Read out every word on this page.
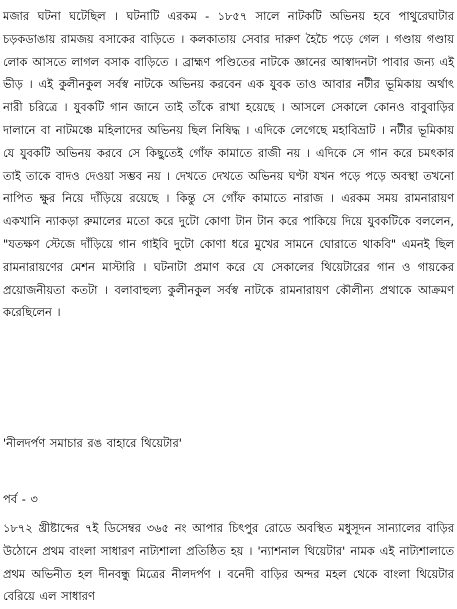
মজার ঘটনা ঘটেছিল । ঘটনাটি এরকম - ১৮৫৭ সালে নাটকটি অভিনয় হবে পাথুরেঘাটার চড়কডাঙায় রামজয় বসাকের বাড়িতে । কলকাতায় সেবার দারুণ হৈচৈ পড়ে গেল । গণ্ডায় গণ্ডায় লোক আসতে লাগল বসাক বাড়িতে । ব্রাহ্মণ পণ্ডিতের নাটকে জ্ঞানের আস্বাদনটা পাবার জন্য এই ভীড় । এই কুলীনকুল সর্বস্ব নাটকে অভিনয় করবেন এক যুবক তাও আবার নটীর ভূমিকায় অর্থাৎ নারী চরিত্রে । যুবকটি গান জানে তাই তাঁকে রাখা হয়েছে । আসলে সেকালে কোনও বাবুবাড়ির দালানে বা নাটমঞ্চে মহিলাদের অভিনয় ছিল নিষিদ্ধ । এদিকে লেগেছে মহাবিভ্রাট । নটীর ভূমিকায় যে যুবকটি অভিনয় করবে সে কিছুতেই গোঁফ কামাতে রাজী নয় । এদিকে সে গান করে চমৎকার তাই তাকে বাদও দেওয়া সম্ভব নয় । দেখতে দেখতে অভিনয় ঘণ্টা যখন পড়ে পড়ে অবস্থা তখনো নাপিত ক্ষুর নিয়ে দাঁড়িয়ে রয়েছে । কিন্তু সে গোঁফ কামাতে নারাজ । এরকম সময় রামনারায়ণ একখানি ন্যাকড়া রুমালের মতো করে দুটো কোণা টান টান করে পাকিয়ে দিয়ে যুবকটিকে বললেন, "যতক্ষণ স্টেজে দাঁড়িয়ে গান গাইবি দুটো কোণা ধরে মুখের সামনে ঘোরাতে থাকবি" এমনই ছিল রামনারায়ণের মেশন মাস্টারি । ঘটনাটা প্রমাণ করে যে সেকালের থিয়েটারের গান ও গায়কের প্রয়োজনীয়তা কতটা । বলাবাহুল্য কুলীনকুল সর্বস্ব নাটকে রামনারায়ণ কৌলীন্য প্রথাকে আক্রমণ করেছিলেন ।

'নীলদর্পণ সমাচার রঙ বাহারে থিয়েটার'

পর্ব - ৩

১৮৭২ খ্রীষ্টাব্দের ৭ই ডিসেম্বর ৩৬৫ নং আপার চিৎপুর রোডে অবস্থিত মধুসূদন সান্যালের বাড়ির উঠোনে প্রথম বাংলা সাধারণ নাট্যশালা প্রতিষ্ঠিত হয় । 'ন্যাশনাল থিয়েটার' নামক এই নাট্যশালাতে প্রথম অভিনীত হল দীনবন্ধু মিত্রের নীলদর্পণ । বনেদী বাড়ির অন্দর মহল থেকে বাংলা থিয়েটার বেরিয়ে এল সাধারণ
